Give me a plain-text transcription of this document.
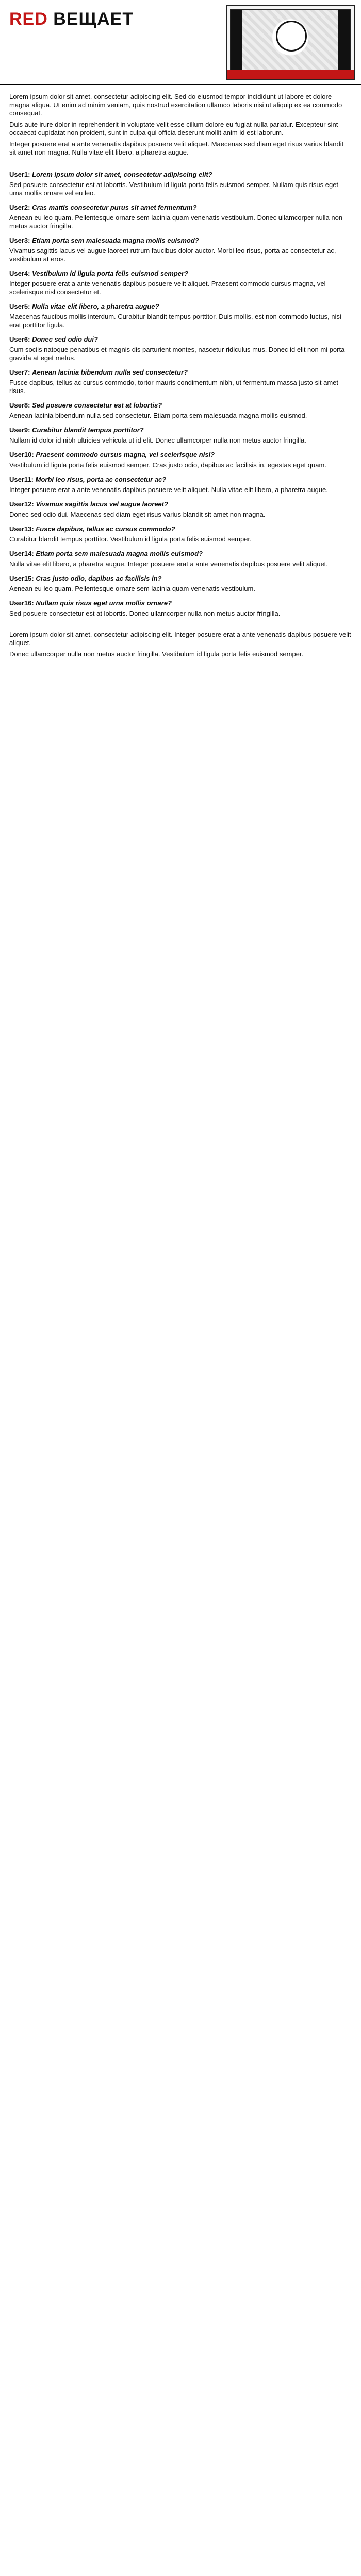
RED ВЕЩАЕТ

Lorem ipsum dolor sit amet, consectetur adipiscing elit. Sed do eiusmod tempor incididunt ut labore et dolore magna aliqua. Ut enim ad minim veniam, quis nostrud exercitation ullamco laboris nisi ut aliquip ex ea commodo consequat.

Duis aute irure dolor in reprehenderit in voluptate velit esse cillum dolore eu fugiat nulla pariatur. Excepteur sint occaecat cupidatat non proident, sunt in culpa qui officia deserunt mollit anim id est laborum.

Integer posuere erat a ante venenatis dapibus posuere velit aliquet. Maecenas sed diam eget risus varius blandit sit amet non magna. Nulla vitae elit libero, a pharetra augue.

User1: Lorem ipsum dolor sit amet, consectetur adipiscing elit?

Sed posuere consectetur est at lobortis. Vestibulum id ligula porta felis euismod semper. Nullam quis risus eget urna mollis ornare vel eu leo.

User2: Cras mattis consectetur purus sit amet fermentum?

Aenean eu leo quam. Pellentesque ornare sem lacinia quam venenatis vestibulum. Donec ullamcorper nulla non metus auctor fringilla.

User3: Etiam porta sem malesuada magna mollis euismod?

Vivamus sagittis lacus vel augue laoreet rutrum faucibus dolor auctor. Morbi leo risus, porta ac consectetur ac, vestibulum at eros.

User4: Vestibulum id ligula porta felis euismod semper?

Integer posuere erat a ante venenatis dapibus posuere velit aliquet. Praesent commodo cursus magna, vel scelerisque nisl consectetur et.

User5: Nulla vitae elit libero, a pharetra augue?

Maecenas faucibus mollis interdum. Curabitur blandit tempus porttitor. Duis mollis, est non commodo luctus, nisi erat porttitor ligula.

User6: Donec sed odio dui?

Cum sociis natoque penatibus et magnis dis parturient montes, nascetur ridiculus mus. Donec id elit non mi porta gravida at eget metus.

User7: Aenean lacinia bibendum nulla sed consectetur?

Fusce dapibus, tellus ac cursus commodo, tortor mauris condimentum nibh, ut fermentum massa justo sit amet risus.

User8: Sed posuere consectetur est at lobortis?

Aenean lacinia bibendum nulla sed consectetur. Etiam porta sem malesuada magna mollis euismod.

User9: Curabitur blandit tempus porttitor?

Nullam id dolor id nibh ultricies vehicula ut id elit. Donec ullamcorper nulla non metus auctor fringilla.

User10: Praesent commodo cursus magna, vel scelerisque nisl?

Vestibulum id ligula porta felis euismod semper. Cras justo odio, dapibus ac facilisis in, egestas eget quam.

User11: Morbi leo risus, porta ac consectetur ac?

Integer posuere erat a ante venenatis dapibus posuere velit aliquet. Nulla vitae elit libero, a pharetra augue.

User12: Vivamus sagittis lacus vel augue laoreet?

Donec sed odio dui. Maecenas sed diam eget risus varius blandit sit amet non magna.

User13: Fusce dapibus, tellus ac cursus commodo?

Curabitur blandit tempus porttitor. Vestibulum id ligula porta felis euismod semper.

User14: Etiam porta sem malesuada magna mollis euismod?

Nulla vitae elit libero, a pharetra augue. Integer posuere erat a ante venenatis dapibus posuere velit aliquet.

User15: Cras justo odio, dapibus ac facilisis in?

Aenean eu leo quam. Pellentesque ornare sem lacinia quam venenatis vestibulum.

User16: Nullam quis risus eget urna mollis ornare?

Sed posuere consectetur est at lobortis. Donec ullamcorper nulla non metus auctor fringilla.

Lorem ipsum dolor sit amet, consectetur adipiscing elit. Integer posuere erat a ante venenatis dapibus posuere velit aliquet.

Donec ullamcorper nulla non metus auctor fringilla. Vestibulum id ligula porta felis euismod semper.
